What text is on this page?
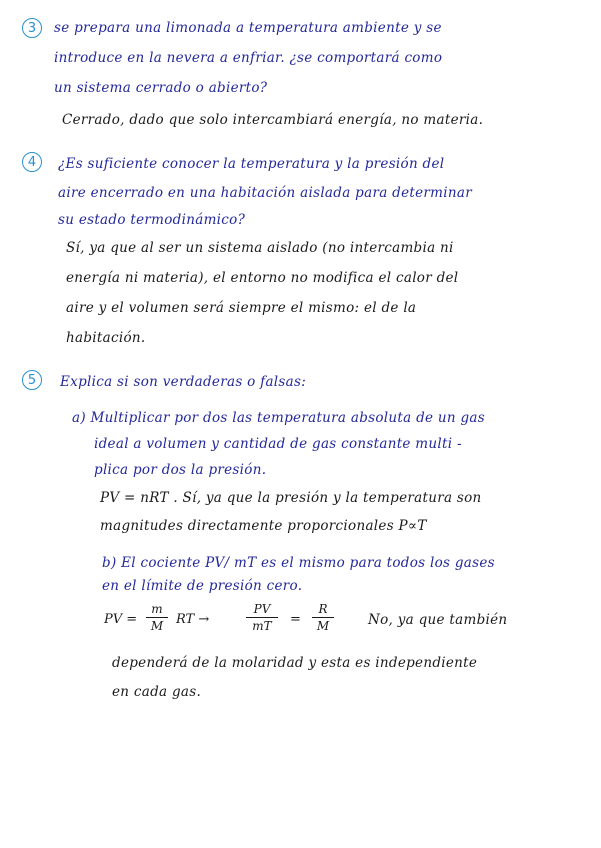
3 se prepara una limonada a temperatura ambiente y se
introduce en la nevera a enfriar. ¿se comportará como
un sistema cerrado o abierto?
Cerrado, dado que solo intercambiará energía, no materia.
4 ¿Es suficiente conocer la temperatura y la presión del
aire encerrado en una habitación aislada para determinar
su estado termodinámico?
Sí, ya que al ser un sistema aislado (no intercambia ni
energía ni materia), el entorno no modifica el calor del
aire y el volumen será siempre el mismo: el de la
habitación.
5 Explica si son verdaderas o falsas:
a) Multiplicar por dos las temperatura absoluta de un gas
ideal a volumen y cantidad de gas constante multi -
plica por dos la presión.
PV = nRT . Sí, ya que la presión y la temperatura son
magnitudes directamente proporcionales P∝T
b) El cociente PV/ mT es el mismo para todos los gases
en el límite de presión cero.
PV =
m
M RT →
PV
mT	=
R
M	No, ya que también
dependerá de la molaridad y esta es independiente
en cada gas.
